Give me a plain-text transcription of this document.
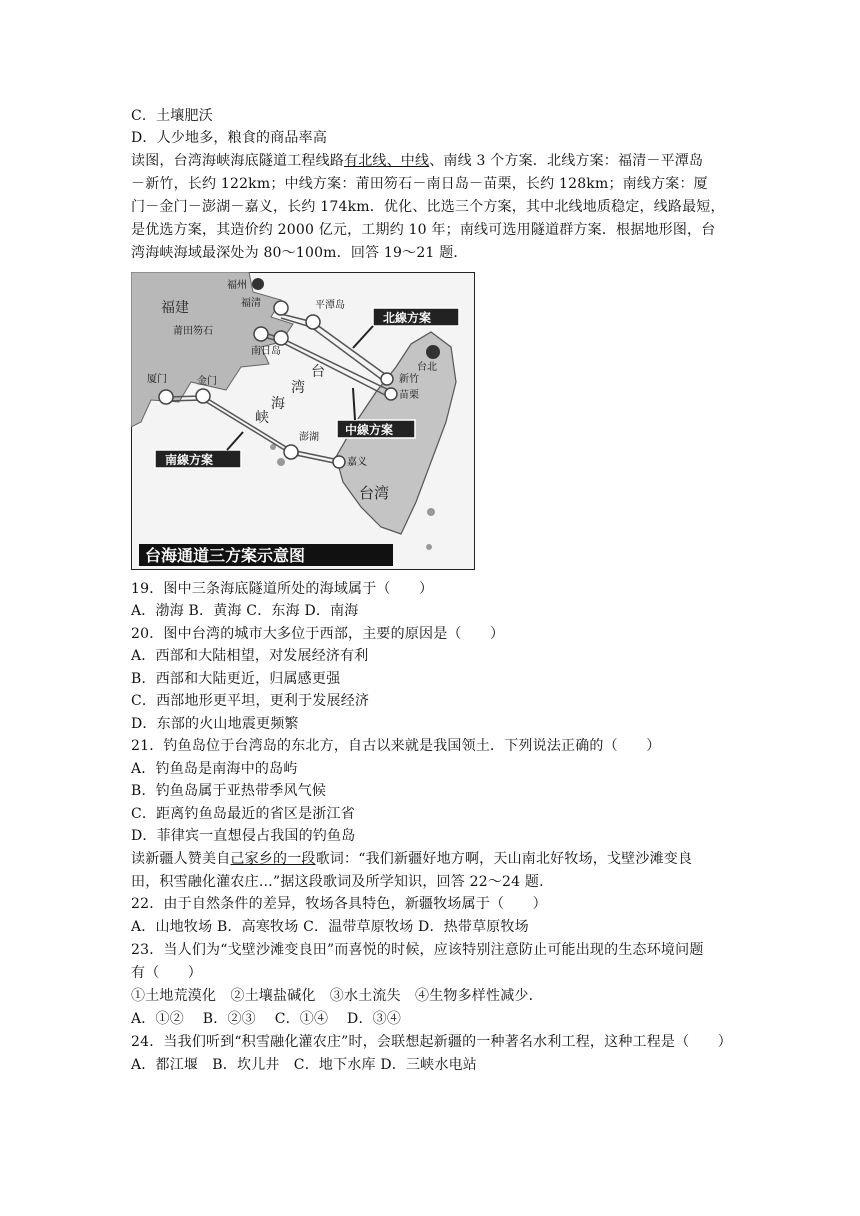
C．土壤肥沃
D．人少地多，粮食的商品率高
读图，台湾海峡海底隧道工程线路有北线、中线、南线 3 个方案．北线方案：福清－平潭岛
－新竹，长约 122km；中线方案：莆田笏石－南日岛－苗栗，长约 128km；南线方案：厦
门－金门－澎湖－嘉义，长约 174km．优化、比选三个方案，其中北线地质稳定，线路最短，
是优选方案，其造价约 2000 亿元，工期约 10 年；南线可选用隧道群方案．根据地形图，台
湾海峡海域最深处为 80～100m．回答 19～21 题．
福州
福清	平潭岛
莆田笏石
南日岛
厦门	金门
澎湖
嘉义
台北
新竹
苗栗
福建
台湾
台
湾
海
峡
北線方案
中線方案
南線方案
台海通道三方案示意图
19．图中三条海底隧道所处的海域属于（　　）
A．渤海 B．黄海 C．东海 D．南海
20．图中台湾的城市大多位于西部，主要的原因是（　　）
A．西部和大陆相望，对发展经济有利
B．西部和大陆更近，归属感更强
C．西部地形更平坦，更利于发展经济
D．东部的火山地震更频繁
21．钓鱼岛位于台湾岛的东北方，自古以来就是我国领土．下列说法正确的（　　）
A．钓鱼岛是南海中的岛屿
B．钓鱼岛属于亚热带季风气候
C．距离钓鱼岛最近的省区是浙江省
D．菲律宾一直想侵占我国的钓鱼岛
读新疆人赞美自己家乡的一段歌词：“我们新疆好地方啊，天山南北好牧场，戈壁沙滩变良
田，积雪融化灌农庄…”据这段歌词及所学知识，回答 22～24 题．
22．由于自然条件的差异，牧场各具特色，新疆牧场属于（　　）
A．山地牧场 B．高寒牧场 C．温带草原牧场 D．热带草原牧场
23．当人们为“戈壁沙滩变良田”而喜悦的时候，应该特别注意防止可能出现的生态环境问题
有（　　）
①土地荒漠化　②土壤盐碱化　③水土流失　④生物多样性减少．
A．①②　 B．②③　 C．①④　 D．③④
24．当我们听到“积雪融化灌农庄”时，会联想起新疆的一种著名水利工程，这种工程是（　　）
A．都江堰　B．坎儿井　C．地下水库 D．三峡水电站
